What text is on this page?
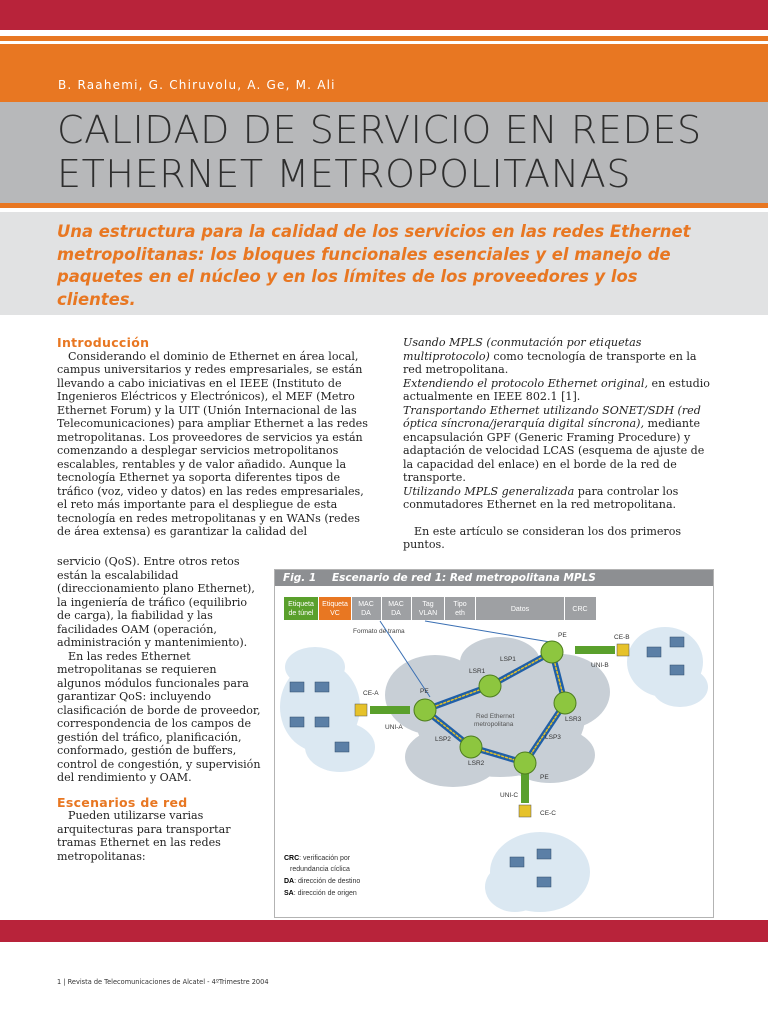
B. Raahemi, G. Chiruvolu, A. Ge, M. Ali

CALIDAD DE SERVICIO EN REDES
ETHERNET METROPOLITANAS

Una estructura para la calidad de los servicios en las redes Ethernet metropolitanas: los bloques funcionales esenciales y el manejo de paquetes en el núcleo y en los límites de los proveedores y los clientes.

Introducción

Considerando el dominio de Ethernet en área local, campus universitarios y redes empresariales, se están llevando a cabo iniciativas en el IEEE (Instituto de Ingenieros Eléctricos y Electrónicos), el MEF (Metro Ethernet Forum) y la UIT (Unión Internacional de las Telecomunicaciones) para ampliar Ethernet a las redes metropolitanas. Los proveedores de servicios ya están comenzando a desplegar servicios metropolitanos escalables, rentables y de valor añadido. Aunque la tecnología Ethernet ya soporta diferentes tipos de tráfico (voz, video y datos) en las redes empresariales, el reto más importante para el despliegue de esta tecnología en redes metropolitanas y en WANs (redes de área extensa) es garantizar la calidad del

servicio (QoS). Entre otros retos están la escalabilidad (direccionamiento plano Ethernet), la ingeniería de tráfico (equilibrio de carga), la fiabilidad y las facilidades OAM (operación, administración y mantenimiento).

En las redes Ethernet metropolitanas se requieren algunos módulos funcionales para garantizar QoS: incluyendo clasificación de borde de proveedor, correspondencia de los campos de gestión del tráfico, planificación, conformado, gestión de buffers, control de congestión, y supervisión del rendimiento y OAM.

Escenarios de red

Pueden utilizarse varias arquitecturas para transportar tramas Ethernet en las redes metropolitanas:

Usando MPLS (conmutación por etiquetas multiprotocolo) como tecnología de transporte en la red metropolitana.

Extendiendo el protocolo Ethernet original, en estudio actualmente en IEEE 802.1 [1].

Transportando Ethernet utilizando SONET/SDH (red óptica síncrona/jerarquía digital síncrona), mediante encapsulación GPF (Generic Framing Procedure) y adaptación de velocidad LCAS (esquema de ajuste de la capacidad del enlace) en el borde de la red de transporte.

Utilizando MPLS generalizada para controlar los conmutadores Ethernet en la red metropolitana.

En este artículo se consideran los dos primeros puntos.

Fig. 1 Escenario de red 1: Red metropolitana MPLS

Etiqueta
de túnel
Etiqueta
VC
MAC
DA
MAC
DA
Tag
VLAN
Tipo
eth
Datos	CRC
Formato de trama
Red Ethernet
metropolitana
PE
LSR1
LSP1
PE
LSR3
LSP3
LSP2
LSR2
PE
CE-A
UNI-A
CE-B
UNI-B
UNI-C
CE-C
CRC: verificación por
redundancia cíclica
DA: dirección de destino
SA: dirección de origen

1 | Revista de Telecomunicaciones de Alcatel - 4ºTrimestre 2004
